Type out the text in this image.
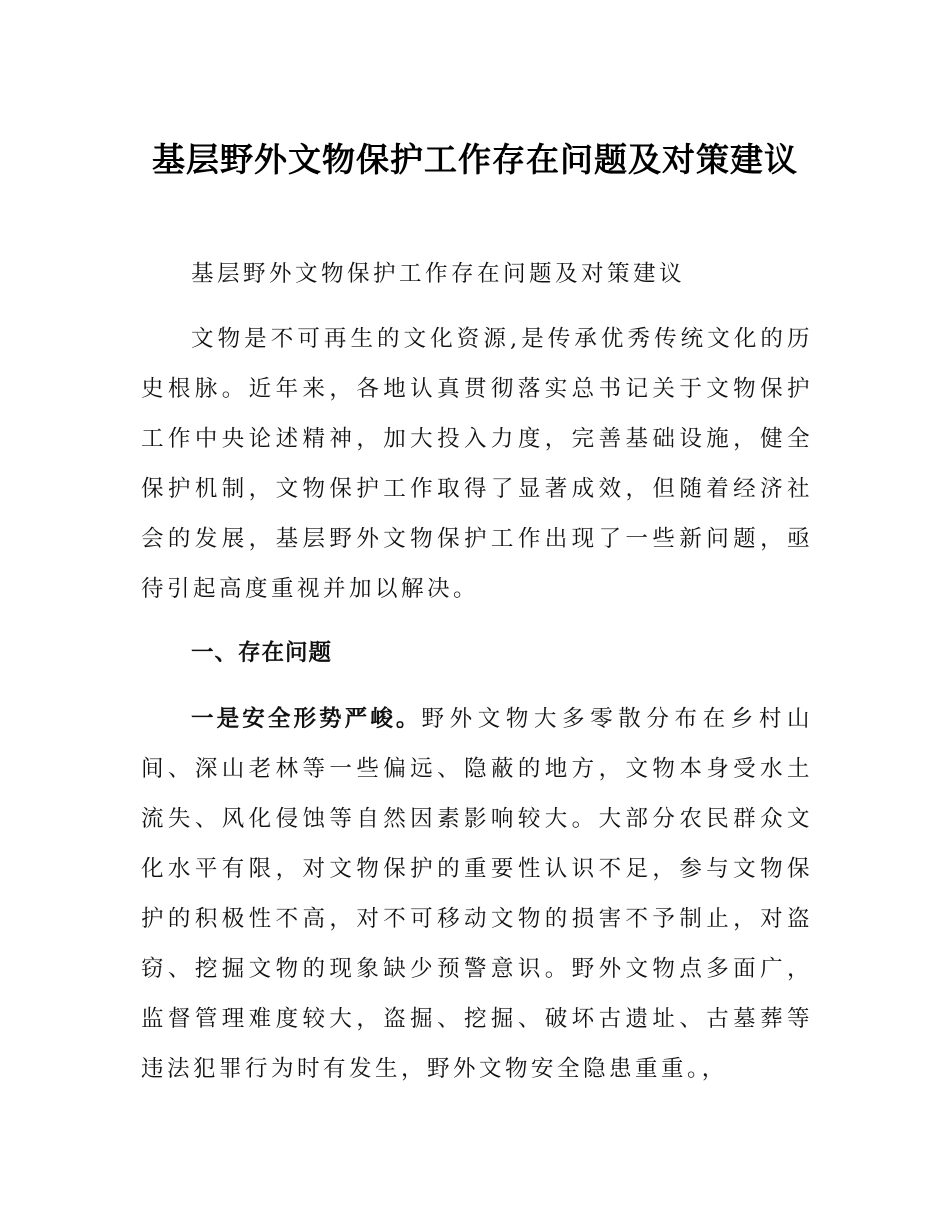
基层野外文物保护工作存在问题及对策建议

基层野外文物保护工作存在问题及对策建议

文物是不可再生的文化资源,是传承优秀传统文化的历史根脉。近年来，各地认真贯彻落实总书记关于文物保护工作中央论述精神，加大投入力度，完善基础设施，健全保护机制，文物保护工作取得了显著成效，但随着经济社会的发展，基层野外文物保护工作出现了一些新问题，亟待引起高度重视并加以解决。

一、存在问题

一是安全形势严峻。野外文物大多零散分布在乡村山间、深山老林等一些偏远、隐蔽的地方，文物本身受水土流失、风化侵蚀等自然因素影响较大。大部分农民群众文化水平有限，对文物保护的重要性认识不足，参与文物保护的积极性不高，对不可移动文物的损害不予制止，对盗窃、挖掘文物的现象缺少预警意识。野外文物点多面广，监督管理难度较大，盗掘、挖掘、破坏古遗址、古墓葬等违法犯罪行为时有发生，野外文物安全隐患重重。，
